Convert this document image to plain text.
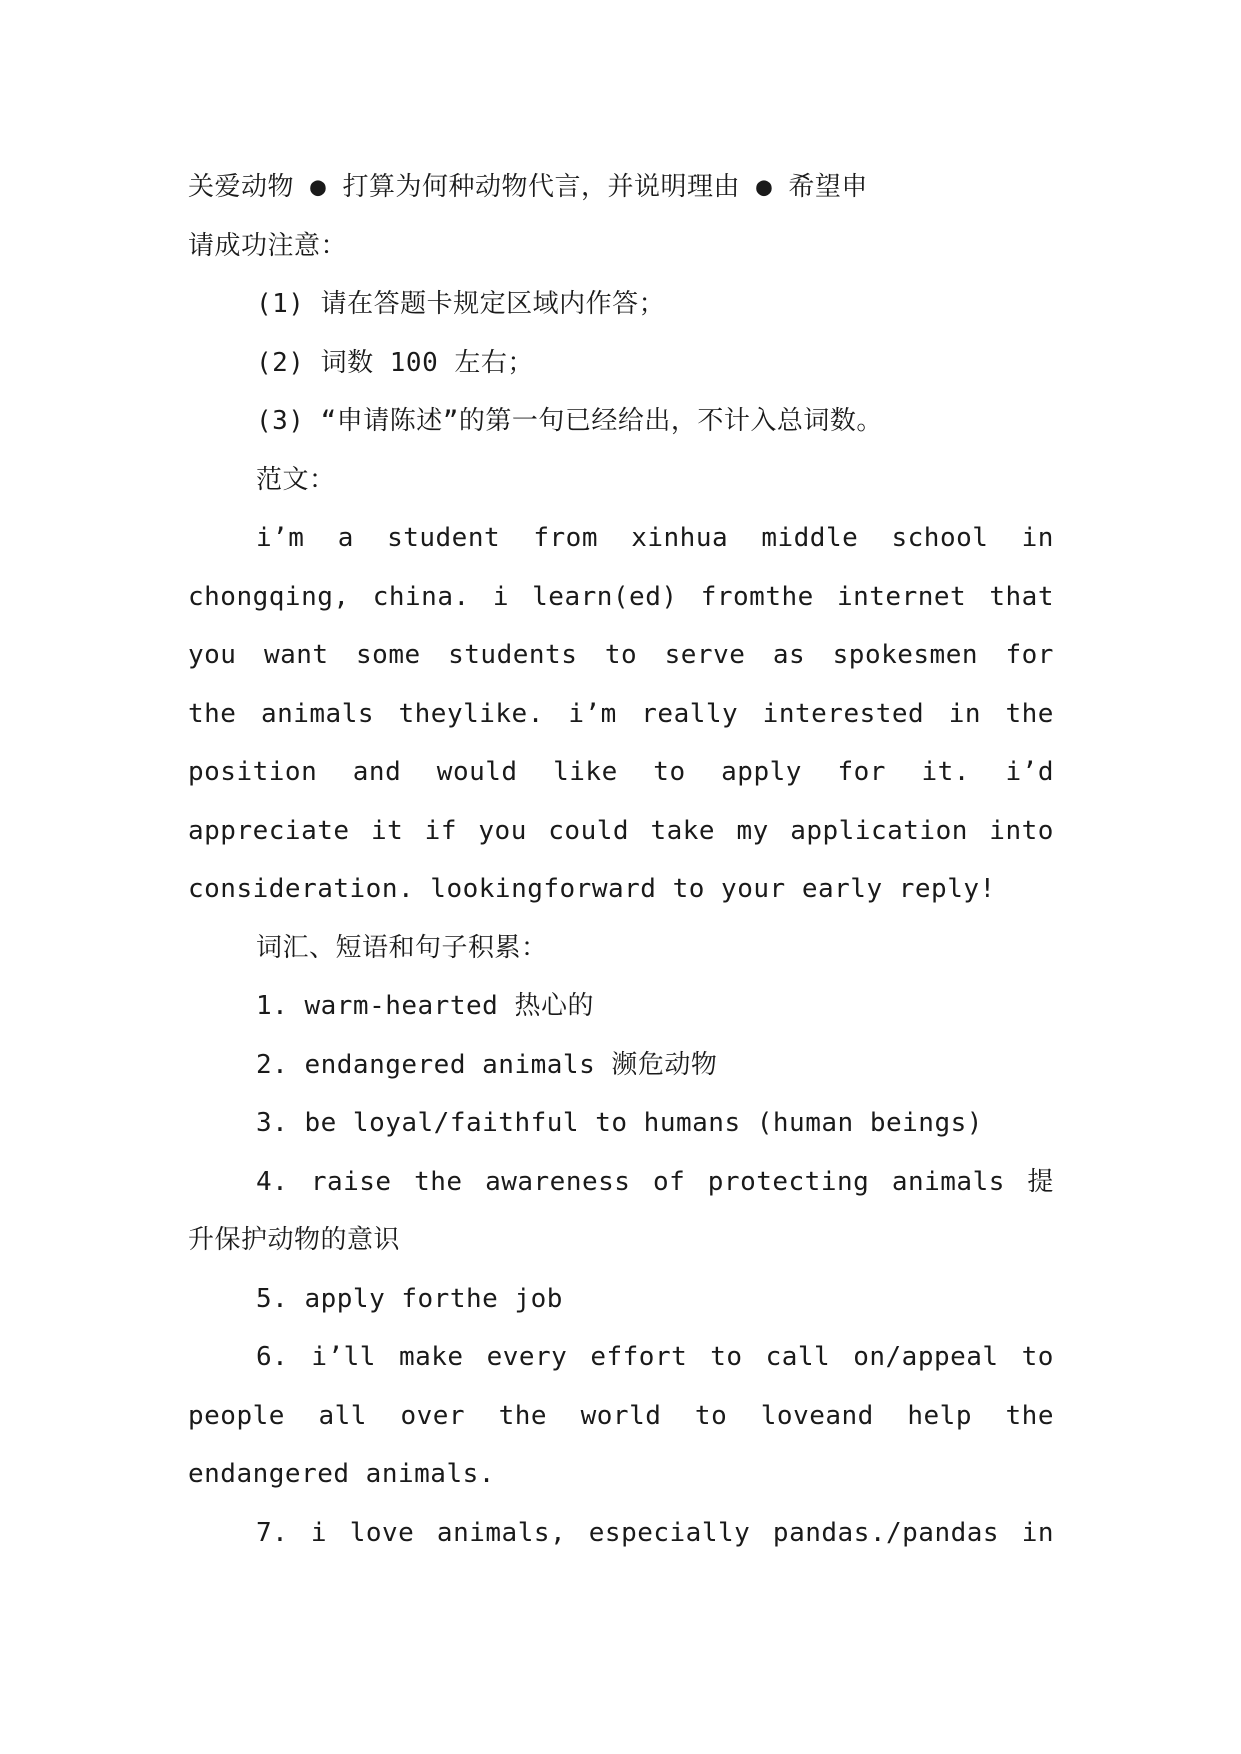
关爱动物 ● 打算为何种动物代言，并说明理由 ● 希望申
请成功注意：
(1) 请在答题卡规定区域内作答；
(2) 词数 100 左右；
(3) “申请陈述”的第一句已经给出，不计入总词数。
范文：
i’m a student from xinhua middle school in
chongqing, china. i learn(ed) fromthe internet that
you want some students to serve as spokesmen for
the animals theylike. i’m really interested in the
position and would like to apply for it. i’d
appreciate it if you could take my application into
consideration. lookingforward to your early reply!
词汇、短语和句子积累：
1. warm-hearted 热心的
2. endangered animals 濒危动物
3. be loyal/faithful to humans (human beings)
4. raise the awareness of protecting animals 提
升保护动物的意识
5. apply forthe job
6. i’ll make every effort to call on/appeal to
people all over the world to loveand help the
endangered animals.
7. i love animals, especially pandas./pandas in
